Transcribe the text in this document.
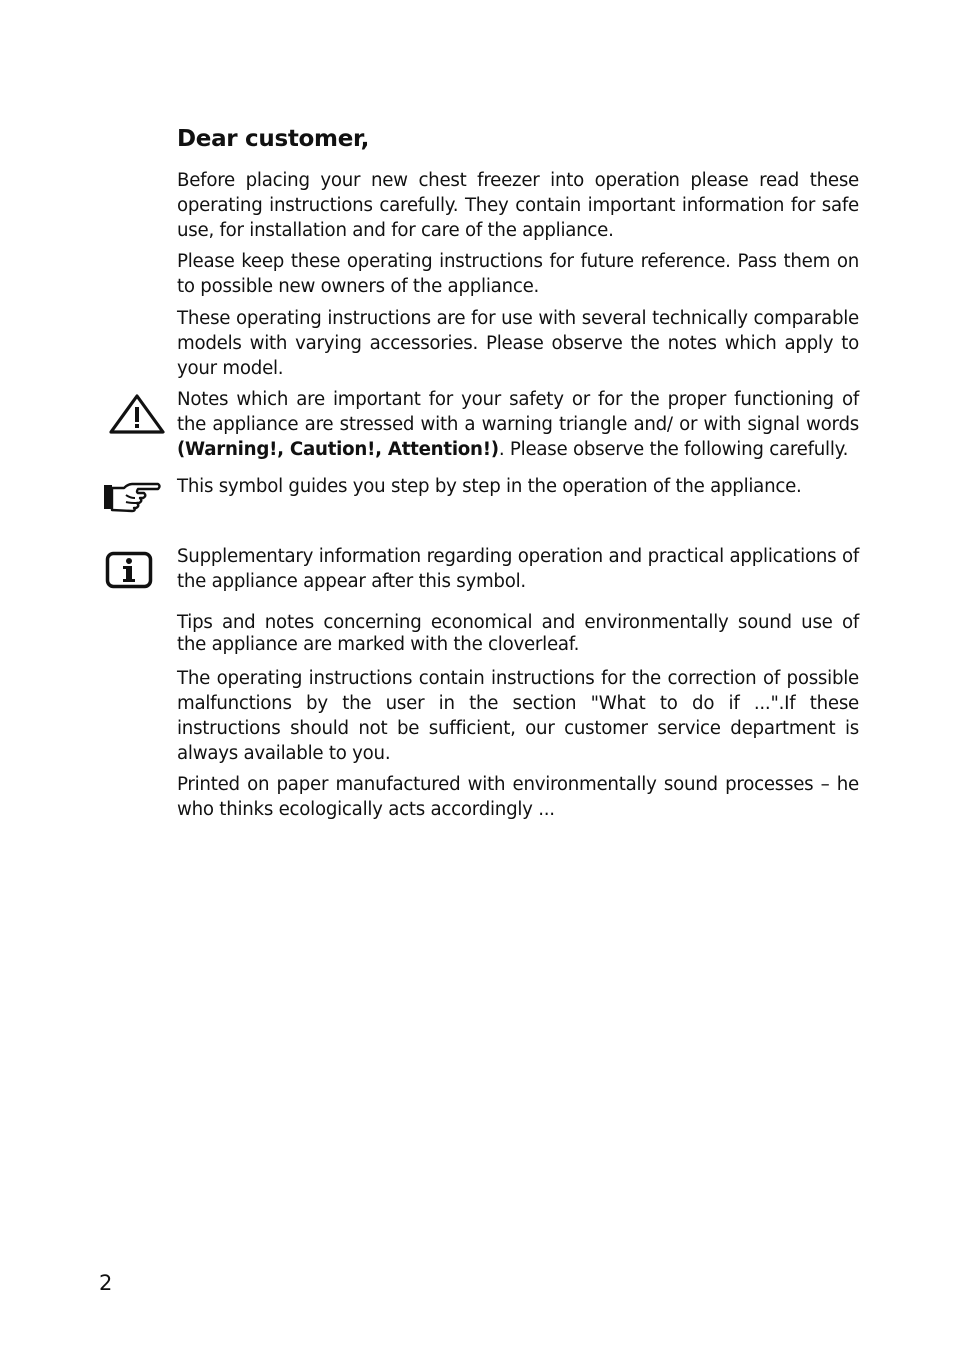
Dear customer,

Before placing your new chest freezer into operation please read these operating instructions carefully. They contain important information for safe use, for installation and for care of the appliance.

Please keep these operating instructions for future reference. Pass them on to possible new owners of the appliance.

These operating instructions are for use with several technically comparable models with varying accessories. Please observe the notes which apply to your model.

Notes which are important for your safety or for the proper functioning of the appliance are stressed with a warning triangle and/ or with signal words (Warning!, Caution!, Attention!). Please observe the following carefully.

This symbol guides you step by step in the operation of the appliance.

Supplementary information regarding operation and practical applications of the appliance appear after this symbol.

Tips and notes concerning economical and environmentally sound use of the appliance are marked with the cloverleaf.

The operating instructions contain instructions for the correction of possible malfunctions by the user in the section "What to do if ...".If these instructions should not be sufficient, our customer service department is always available to you.

Printed on paper manufactured with environmentally sound processes – he who thinks ecologically acts accordingly ...

2
